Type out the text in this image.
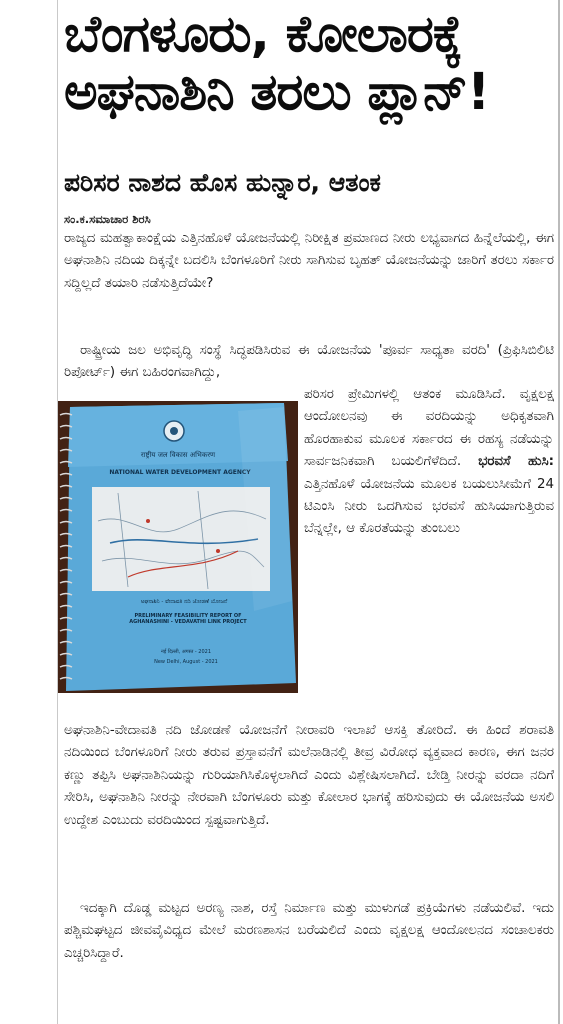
ಬೆಂಗಳೂರು, ಕೋಲಾರಕ್ಕೆ ಅಘನಾಶಿನಿ ತರಲು ಪ್ಲಾನ್!
ಪರಿಸರ ನಾಶದ ಹೊಸ ಹುನ್ನಾರ, ಆತಂಕ
ಸಂ.ಕ.ಸಮಾಚಾರ ಶಿರಸಿ

ರಾಜ್ಯದ ಮಹತ್ವಾಕಾಂಕ್ಷೆಯ ಎತ್ತಿನಹೊಳೆ ಯೋಜನೆಯಲ್ಲಿ ನಿರೀಕ್ಷಿತ ಪ್ರಮಾಣದ ನೀರು ಲಭ್ಯವಾಗದ ಹಿನ್ನೆಲೆಯಲ್ಲಿ, ಈಗ ಅಘನಾಶಿನಿ ನದಿಯ ದಿಕ್ಕನ್ನೇ ಬದಲಿಸಿ ಬೆಂಗಳೂರಿಗೆ ನೀರು ಸಾಗಿಸುವ ಬೃಹತ್ ಯೋಜನೆಯನ್ನು ಜಾರಿಗೆ ತರಲು ಸರ್ಕಾರ ಸದ್ದಿಲ್ಲದೆ ತಯಾರಿ ನಡೆಸುತ್ತಿದೆಯೇ?

ರಾಷ್ಟ್ರೀಯ ಜಲ ಅಭಿವೃದ್ಧಿ ಸಂಸ್ಥೆ ಸಿದ್ಧಪಡಿಸಿರುವ ಈ ಯೋಜನೆಯ 'ಪೂರ್ವ ಸಾಧ್ಯತಾ ವರದಿ' (ಪ್ರಿಫಿಸಿಬಿಲಿಟಿ ರಿಪೋರ್ಟ್) ಈಗ ಬಹಿರಂಗವಾಗಿದ್ದು,

राष्ट्रीय जल विकास अभिकरण
NATIONAL WATER DEVELOPMENT AGENCY
ಅಘನಾಶಿನಿ - ವೇದಾವತಿ ನದಿ ಜೋಡಣೆ ಯೋಜನೆ
PRELIMINARY FEASIBILITY REPORT OF AGHANASHINI - VEDAVATHI LINK PROJECT
नई दिल्ली, अगस्त - 2021
New Delhi, August - 2021

ಪರಿಸರ ಪ್ರೇಮಿಗಳಲ್ಲಿ ಆತಂಕ ಮೂಡಿಸಿದೆ. ವೃಕ್ಷಲಕ್ಷ ಆಂದೋಲನವು ಈ ವರದಿಯನ್ನು ಅಧಿಕೃತವಾಗಿ ಹೊರಹಾಕುವ ಮೂಲಕ ಸರ್ಕಾರದ ಈ ರಹಸ್ಯ ನಡೆಯನ್ನು ಸಾರ್ವಜನಿಕವಾಗಿ ಬಯಲಿಗೆಳೆದಿದೆ. ಭರವಸೆ ಹುಸಿ: ಎತ್ತಿನಹೊಳೆ ಯೋಜನೆಯ ಮೂಲಕ ಬಯಲುಸೀಮೆಗೆ 24 ಟಿಎಂಸಿ ನೀರು ಒದಗಿಸುವ ಭರವಸೆ ಹುಸಿಯಾಗುತ್ತಿರುವ ಬೆನ್ನಲ್ಲೇ, ಆ ಕೊರತೆಯನ್ನು ತುಂಬಲು

ಅಘನಾಶಿನಿ-ವೇದಾವತಿ ನದಿ ಜೋಡಣೆ ಯೋಜನೆಗೆ ನೀರಾವರಿ ಇಲಾಖೆ ಆಸಕ್ತಿ ತೋರಿದೆ. ಈ ಹಿಂದೆ ಶರಾವತಿ ನದಿಯಿಂದ ಬೆಂಗಳೂರಿಗೆ ನೀರು ತರುವ ಪ್ರಸ್ತಾವನೆಗೆ ಮಲೆನಾಡಿನಲ್ಲಿ ತೀವ್ರ ವಿರೋಧ ವ್ಯಕ್ತವಾದ ಕಾರಣ, ಈಗ ಜನರ ಕಣ್ಣು ತಪ್ಪಿಸಿ ಅಘನಾಶಿನಿಯನ್ನು ಗುರಿಯಾಗಿಸಿಕೊಳ್ಳಲಾಗಿದೆ ಎಂದು ವಿಶ್ಲೇಷಿಸಲಾಗಿದೆ. ಬೇಡ್ತಿ ನೀರನ್ನು ವರದಾ ನದಿಗೆ ಸೇರಿಸಿ, ಅಘನಾಶಿನಿ ನೀರನ್ನು ನೇರವಾಗಿ ಬೆಂಗಳೂರು ಮತ್ತು ಕೋಲಾರ ಭಾಗಕ್ಕೆ ಹರಿಸುವುದು ಈ ಯೋಜನೆಯ ಅಸಲಿ ಉದ್ದೇಶ ಎಂಬುದು ವರದಿಯಿಂದ ಸ್ಪಷ್ಟವಾಗುತ್ತಿದೆ.

ಇದಕ್ಕಾಗಿ ದೊಡ್ಡ ಮಟ್ಟದ ಅರಣ್ಯ ನಾಶ, ರಸ್ತೆ ನಿರ್ಮಾಣ ಮತ್ತು ಮುಳುಗಡೆ ಪ್ರಕ್ರಿಯೆಗಳು ನಡೆಯಲಿವೆ. ಇದು ಪಶ್ಚಿಮಘಟ್ಟದ ಜೀವವೈವಿಧ್ಯದ ಮೇಲೆ ಮರಣಶಾಸನ ಬರೆಯಲಿದೆ ಎಂದು ವೃಕ್ಷಲಕ್ಷ ಆಂದೋಲನದ ಸಂಚಾಲಕರು ಎಚ್ಚರಿಸಿದ್ದಾರೆ.
